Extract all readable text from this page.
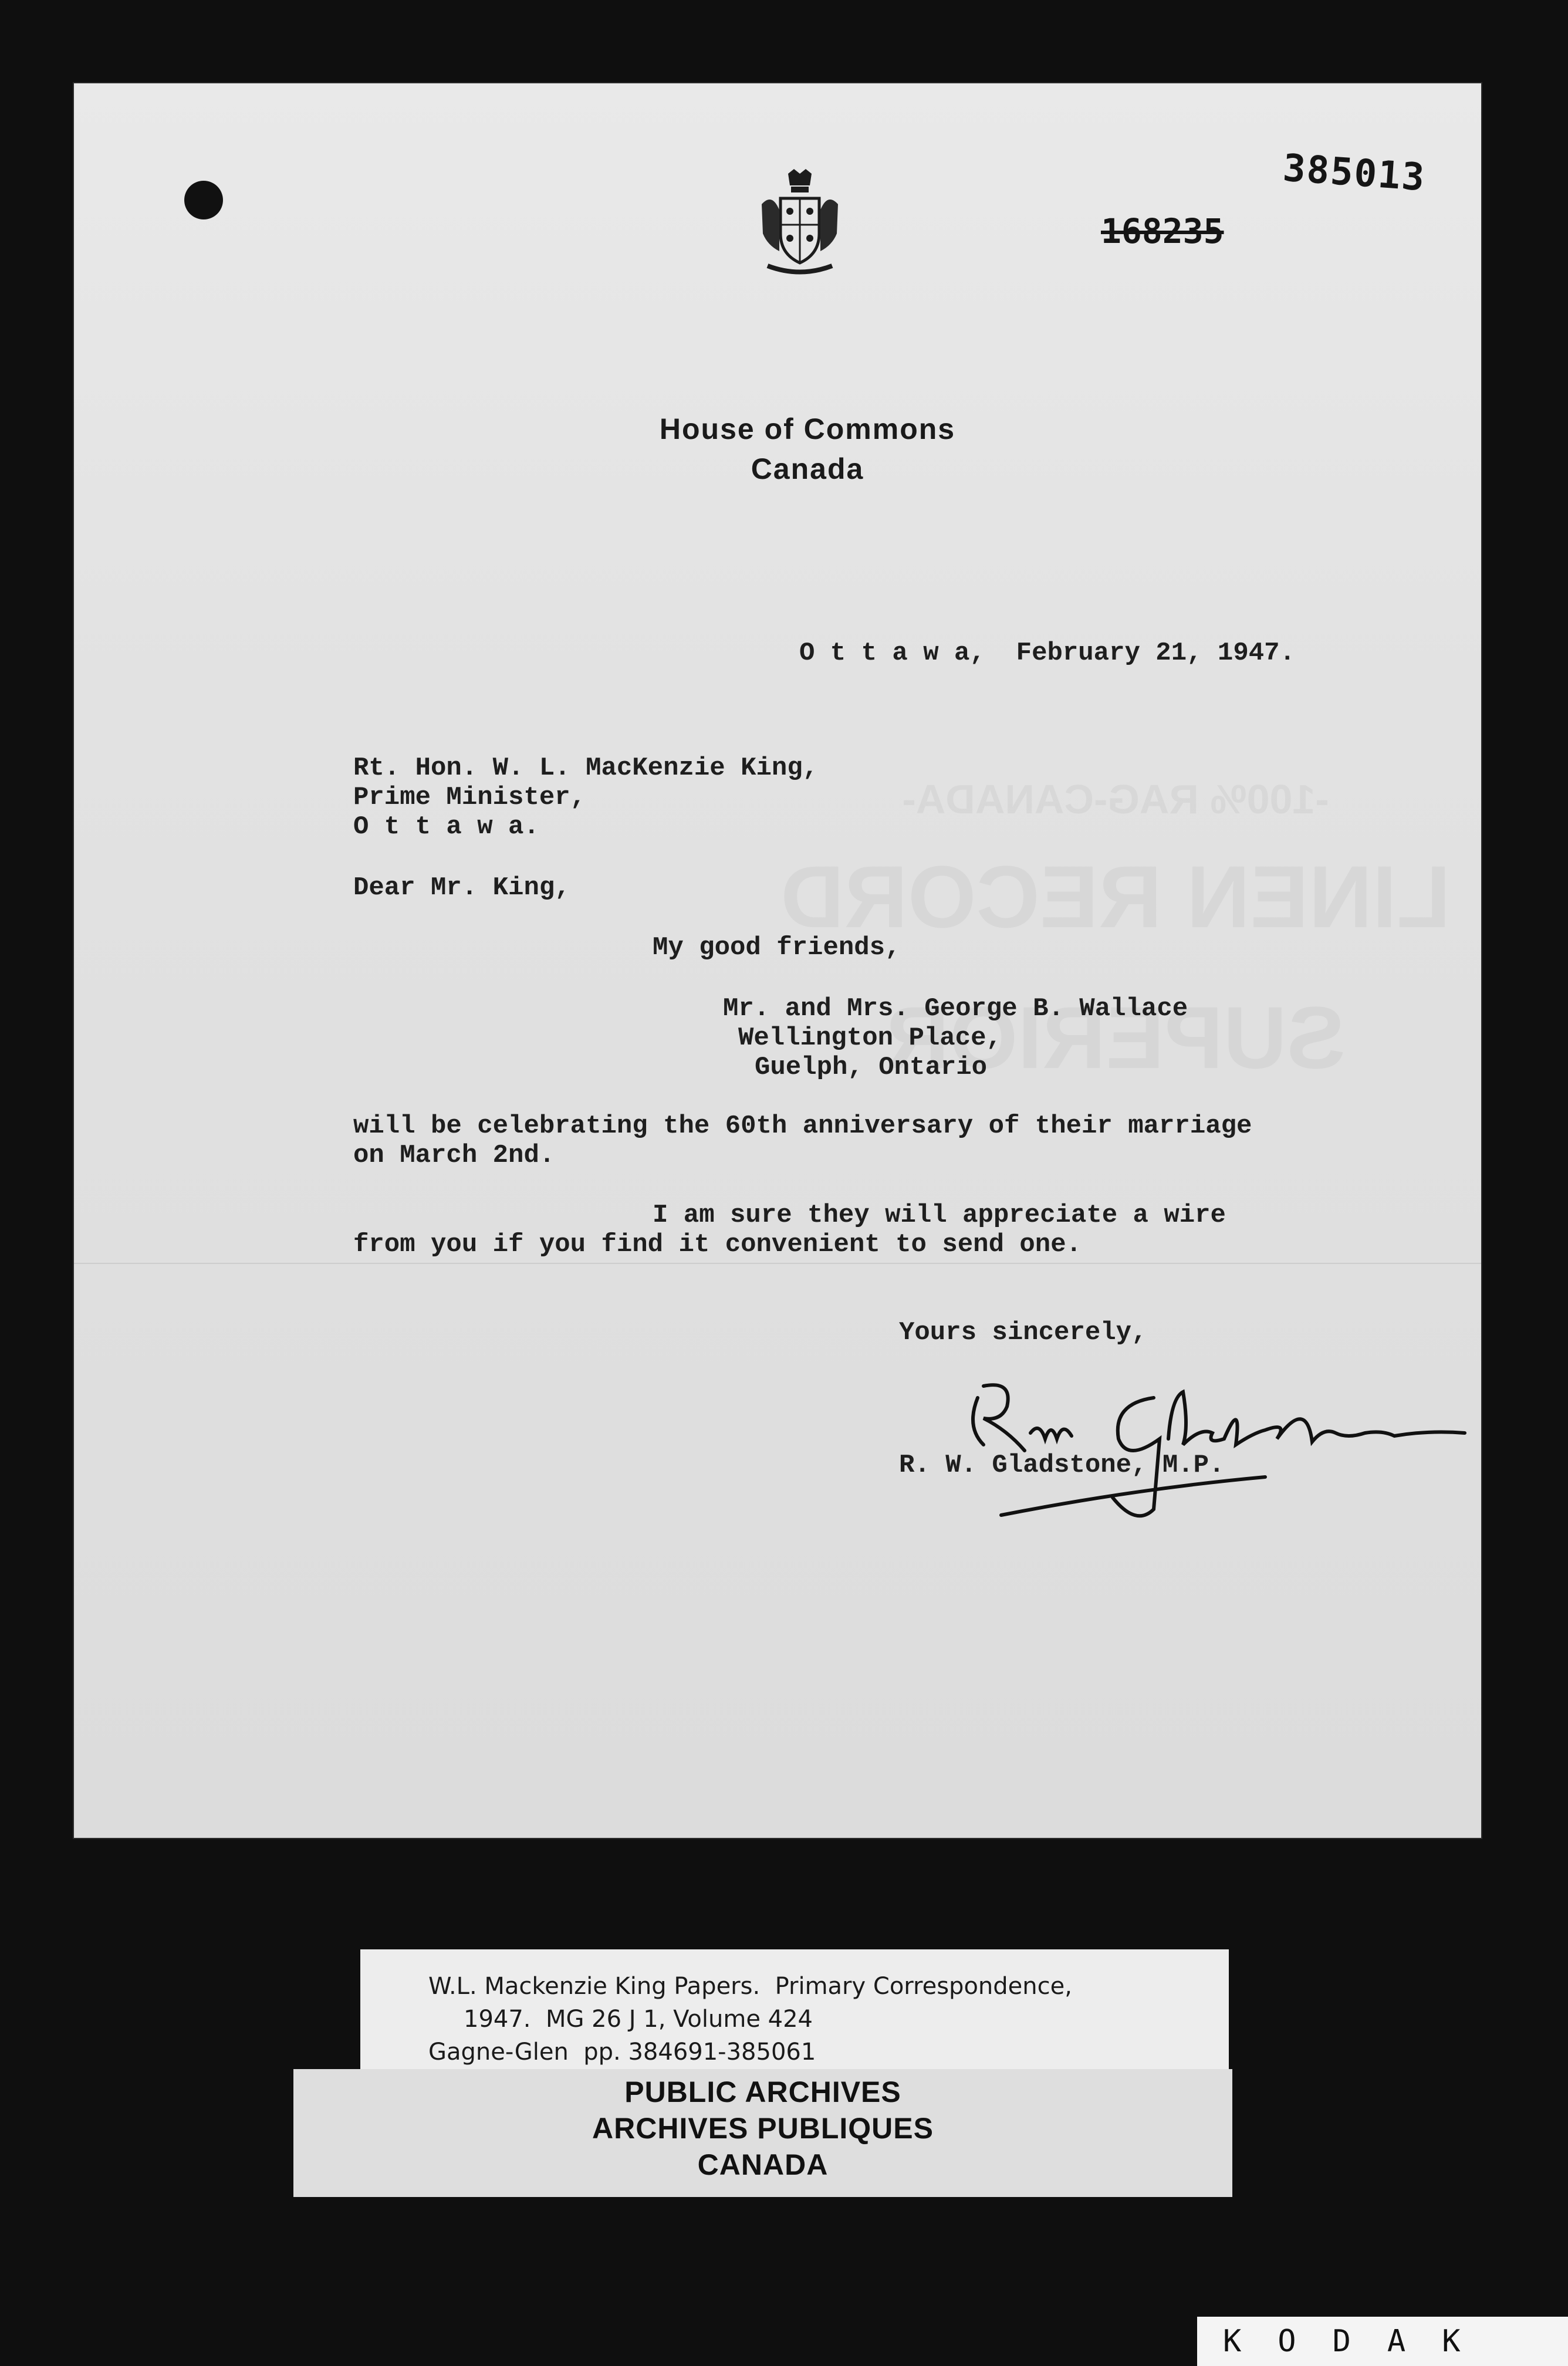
385013
168235
House of Commons
Canada
O t t a w a,  February 21, 1947.
Rt. Hon. W. L. MacKenzie King,
Prime Minister,
O t t a w a.
Dear Mr. King,
My good friends,
Mr. and Mrs. George B. Wallace
Wellington Place,
Guelph, Ontario
will be celebrating the 60th anniversary of their marriage
on March 2nd.
I am sure they will appreciate a wire
from you if you find it convenient to send one.
Yours sincerely,
R. W. Gladstone, M.P.
W.L. Mackenzie King Papers.  Primary Correspondence,
1947.  MG 26 J 1, Volume 424
Gagne-Glen  pp. 384691-385061
PUBLIC ARCHIVES
ARCHIVES PUBLIQUES
CANADA
KODAK
